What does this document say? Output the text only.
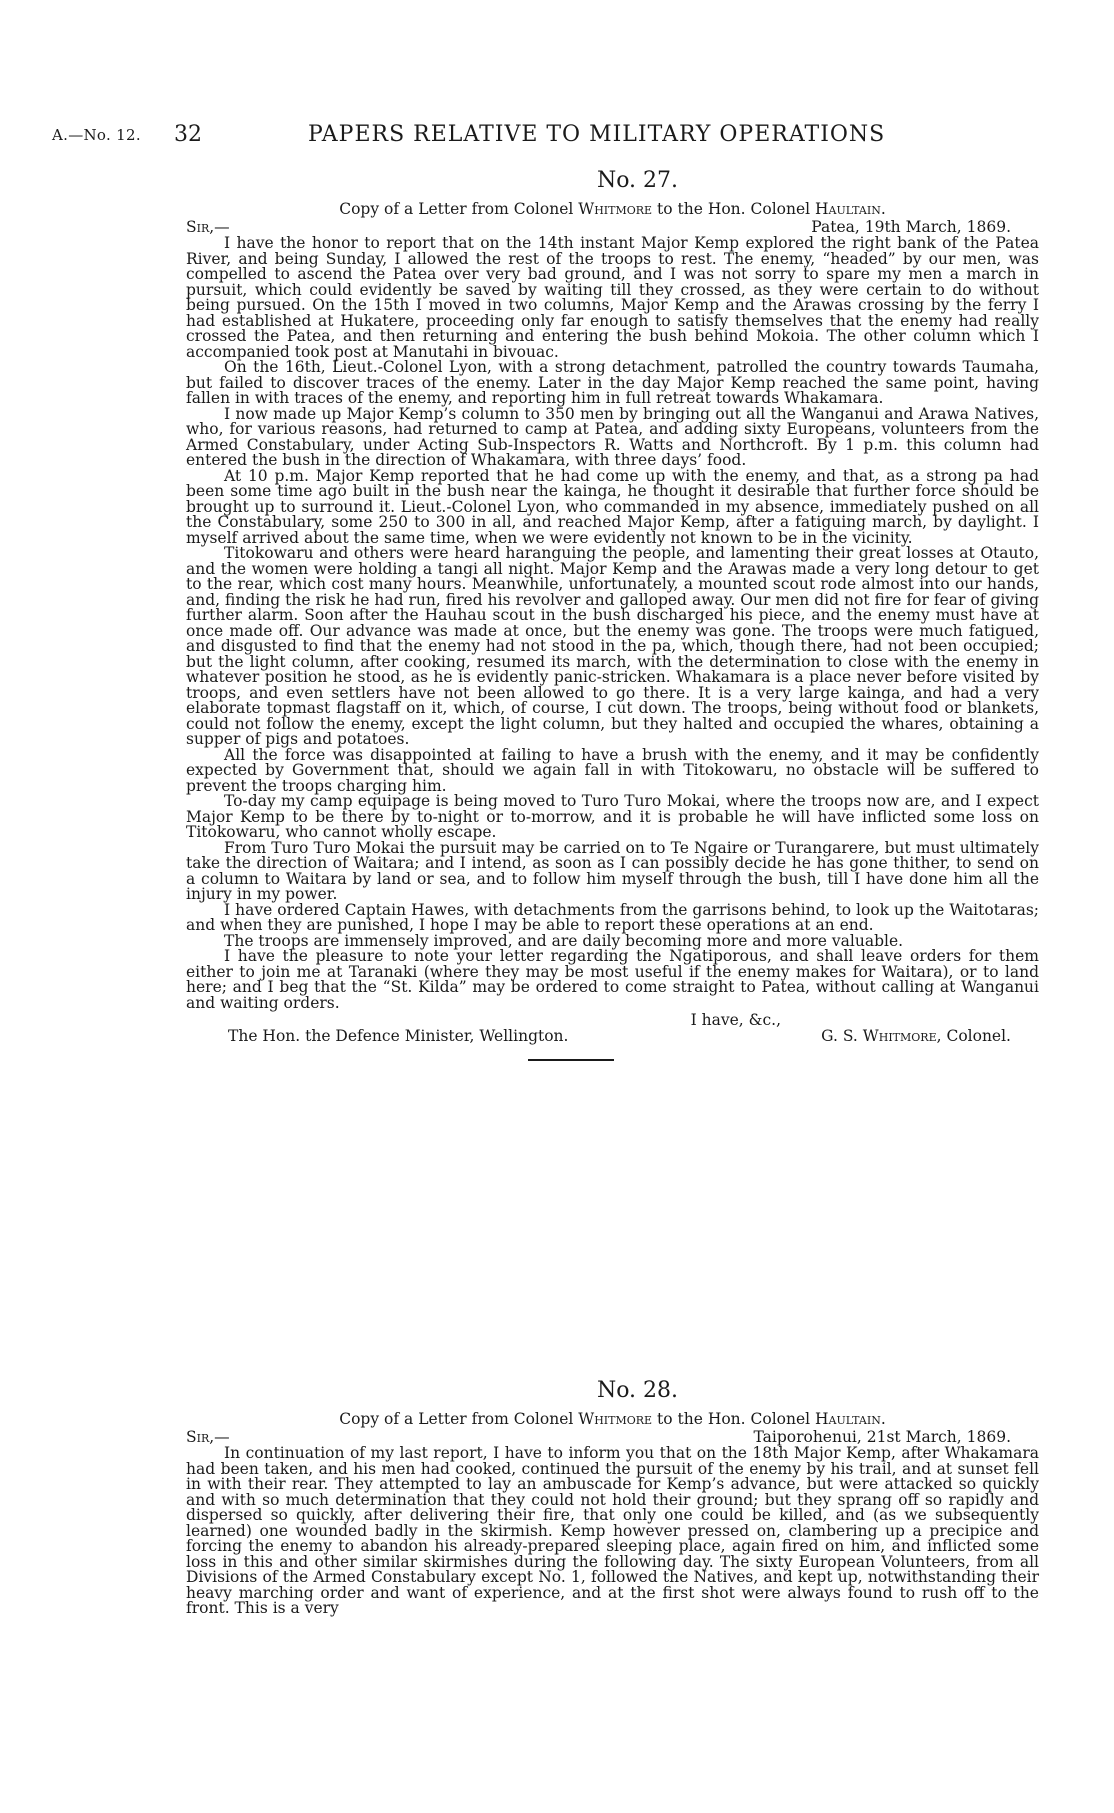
A.—No. 12. 32	PAPERS RELATIVE TO MILITARY OPERATIONS
No. 27.
Copy of a Letter from Colonel Whitmore to the Hon. Colonel Haultain.
Sir,—	Patea, 19th March, 1869.

I have the honor to report that on the 14th instant Major Kemp explored the right bank of the Patea River, and being Sunday, I allowed the rest of the troops to rest. The enemy, “headed” by our men, was compelled to ascend the Patea over very bad ground, and I was not sorry to spare my men a march in pursuit, which could evidently be saved by waiting till they crossed, as they were certain to do without being pursued. On the 15th I moved in two columns, Major Kemp and the Arawas crossing by the ferry I had established at Hukatere, proceeding only far enough to satisfy themselves that the enemy had really crossed the Patea, and then returning and entering the bush behind Mokoia. The other column which I accompanied took post at Manutahi in bivouac.

On the 16th, Lieut.-Colonel Lyon, with a strong detachment, patrolled the country towards Taumaha, but failed to discover traces of the enemy. Later in the day Major Kemp reached the same point, having fallen in with traces of the enemy, and reporting him in full retreat towards Whakamara.

I now made up Major Kemp’s column to 350 men by bringing out all the Wanganui and Arawa Natives, who, for various reasons, had returned to camp at Patea, and adding sixty Europeans, volunteers from the Armed Constabulary, under Acting Sub-Inspectors R. Watts and Northcroft. By 1 p.m. this column had entered the bush in the direction of Whakamara, with three days’ food.

At 10 p.m. Major Kemp reported that he had come up with the enemy, and that, as a strong pa had been some time ago built in the bush near the kainga, he thought it desirable that further force should be brought up to surround it. Lieut.-Colonel Lyon, who commanded in my absence, immediately pushed on all the Constabulary, some 250 to 300 in all, and reached Major Kemp, after a fatiguing march, by daylight. I myself arrived about the same time, when we were evidently not known to be in the vicinity.

Titokowaru and others were heard haranguing the people, and lamenting their great losses at Otauto, and the women were holding a tangi all night. Major Kemp and the Arawas made a very long detour to get to the rear, which cost many hours. Meanwhile, unfortunately, a mounted scout rode almost into our hands, and, finding the risk he had run, fired his revolver and galloped away. Our men did not fire for fear of giving further alarm. Soon after the Hauhau scout in the bush discharged his piece, and the enemy must have at once made off. Our advance was made at once, but the enemy was gone. The troops were much fatigued, and disgusted to find that the enemy had not stood in the pa, which, though there, had not been occupied; but the light column, after cooking, resumed its march, with the determination to close with the enemy in whatever position he stood, as he is evidently panic-stricken. Whakamara is a place never before visited by troops, and even settlers have not been allowed to go there. It is a very large kainga, and had a very elaborate topmast flagstaff on it, which, of course, I cut down. The troops, being without food or blankets, could not follow the enemy, except the light column, but they halted and occupied the whares, obtaining a supper of pigs and potatoes.

All the force was disappointed at failing to have a brush with the enemy, and it may be confidently expected by Government that, should we again fall in with Titokowaru, no obstacle will be suffered to prevent the troops charging him.

To-day my camp equipage is being moved to Turo Turo Mokai, where the troops now are, and I expect Major Kemp to be there by to-night or to-morrow, and it is probable he will have inflicted some loss on Titokowaru, who cannot wholly escape.

From Turo Turo Mokai the pursuit may be carried on to Te Ngaire or Turangarere, but must ultimately take the direction of Waitara; and I intend, as soon as I can possibly decide he has gone thither, to send on a column to Waitara by land or sea, and to follow him myself through the bush, till I have done him all the injury in my power.

I have ordered Captain Hawes, with detachments from the garrisons behind, to look up the Waitotaras; and when they are punished, I hope I may be able to report these operations at an end.

The troops are immensely improved, and are daily becoming more and more valuable.

I have the pleasure to note your letter regarding the Ngatiporous, and shall leave orders for them either to join me at Taranaki (where they may be most useful if the enemy makes for Waitara), or to land here; and I beg that the “St. Kilda” may be ordered to come straight to Patea, without calling at Wanganui and waiting orders.

I have, &c.,
The Hon. the Defence Minister, Wellington.	G. S. Whitmore, Colonel.
No. 28.
Copy of a Letter from Colonel Whitmore to the Hon. Colonel Haultain.
Sir,—	Taiporohenui, 21st March, 1869.

In continuation of my last report, I have to inform you that on the 18th Major Kemp, after Whakamara had been taken, and his men had cooked, continued the pursuit of the enemy by his trail, and at sunset fell in with their rear. They attempted to lay an ambuscade for Kemp’s advance, but were attacked so quickly and with so much determination that they could not hold their ground; but they sprang off so rapidly and dispersed so quickly, after delivering their fire, that only one could be killed, and (as we subsequently learned) one wounded badly in the skirmish. Kemp however pressed on, clambering up a precipice and forcing the enemy to abandon his already-prepared sleeping place, again fired on him, and inflicted some loss in this and other similar skirmishes during the following day. The sixty European Volunteers, from all Divisions of the Armed Constabulary except No. 1, followed the Natives, and kept up, notwithstanding their heavy marching order and want of experience, and at the first shot were always found to rush off to the front. This is a very
